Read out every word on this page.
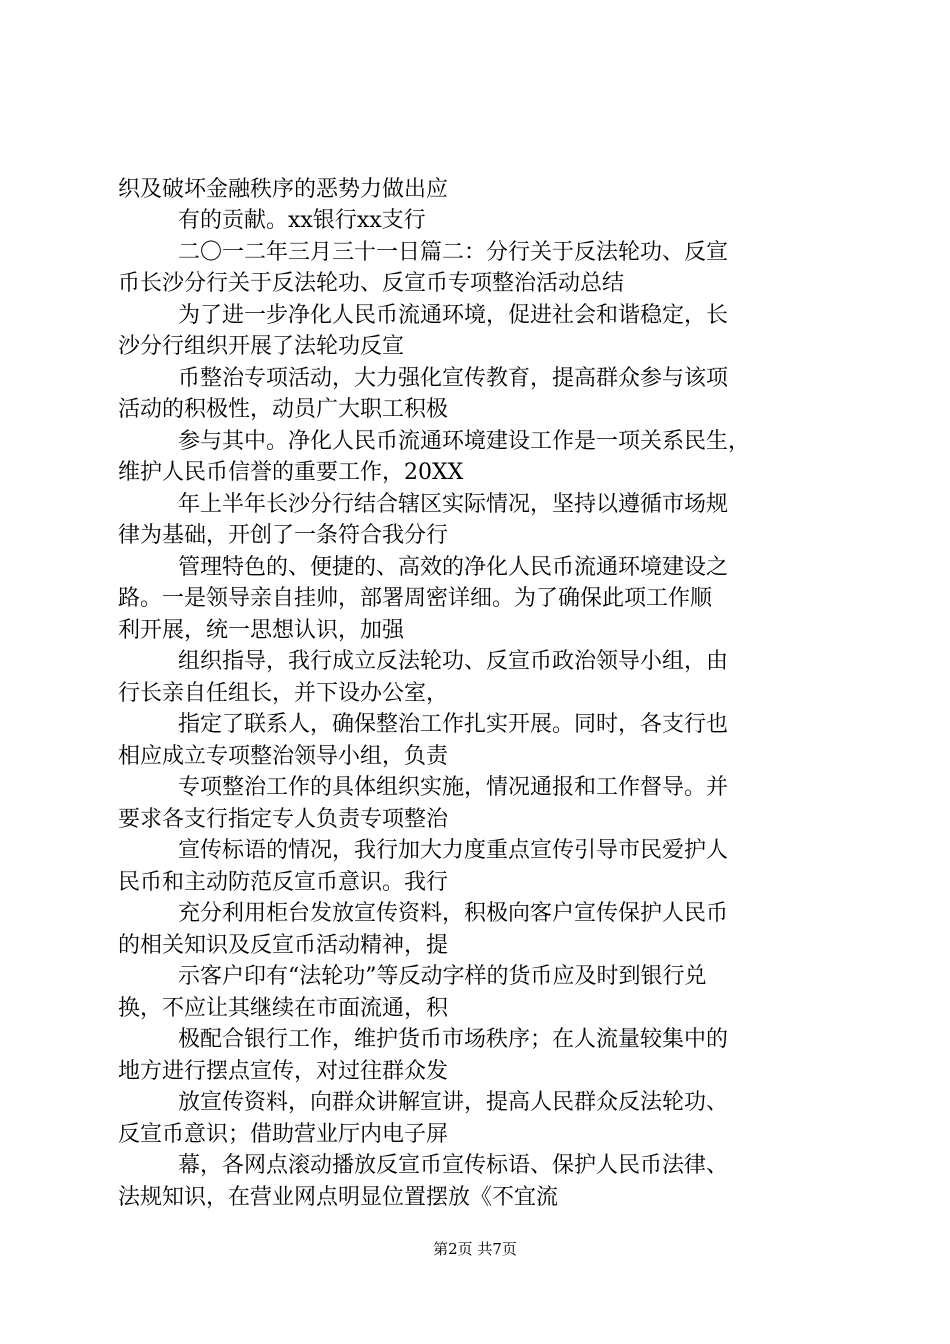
织及破坏金融秩序的恶势力做出应
有的贡献。xx银行xx支行
二〇一二年三月三十一日篇二：分行关于反法轮功、反宣
币长沙分行关于反法轮功、反宣币专项整治活动总结
为了进一步净化人民币流通环境，促进社会和谐稳定，长
沙分行组织开展了法轮功反宣
币整治专项活动，大力强化宣传教育，提高群众参与该项
活动的积极性，动员广大职工积极
参与其中。净化人民币流通环境建设工作是一项关系民生，
维护人民币信誉的重要工作，20XX
年上半年长沙分行结合辖区实际情况，坚持以遵循市场规
律为基础，开创了一条符合我分行
管理特色的、便捷的、高效的净化人民币流通环境建设之
路。一是领导亲自挂帅，部署周密详细。为了确保此项工作顺
利开展，统一思想认识，加强
组织指导，我行成立反法轮功、反宣币政治领导小组，由
行长亲自任组长，并下设办公室，
指定了联系人，确保整治工作扎实开展。同时，各支行也
相应成立专项整治领导小组，负责
专项整治工作的具体组织实施，情况通报和工作督导。并
要求各支行指定专人负责专项整治
宣传标语的情况，我行加大力度重点宣传引导市民爱护人
民币和主动防范反宣币意识。我行
充分利用柜台发放宣传资料，积极向客户宣传保护人民币
的相关知识及反宣币活动精神，提
示客户印有“法轮功”等反动字样的货币应及时到银行兑
换，不应让其继续在市面流通，积
极配合银行工作，维护货币市场秩序；在人流量较集中的
地方进行摆点宣传，对过往群众发
放宣传资料，向群众讲解宣讲，提高人民群众反法轮功、
反宣币意识；借助营业厅内电子屏
幕，各网点滚动播放反宣币宣传标语、保护人民币法律、
法规知识，在营业网点明显位置摆放《不宜流
第2页 共7页
